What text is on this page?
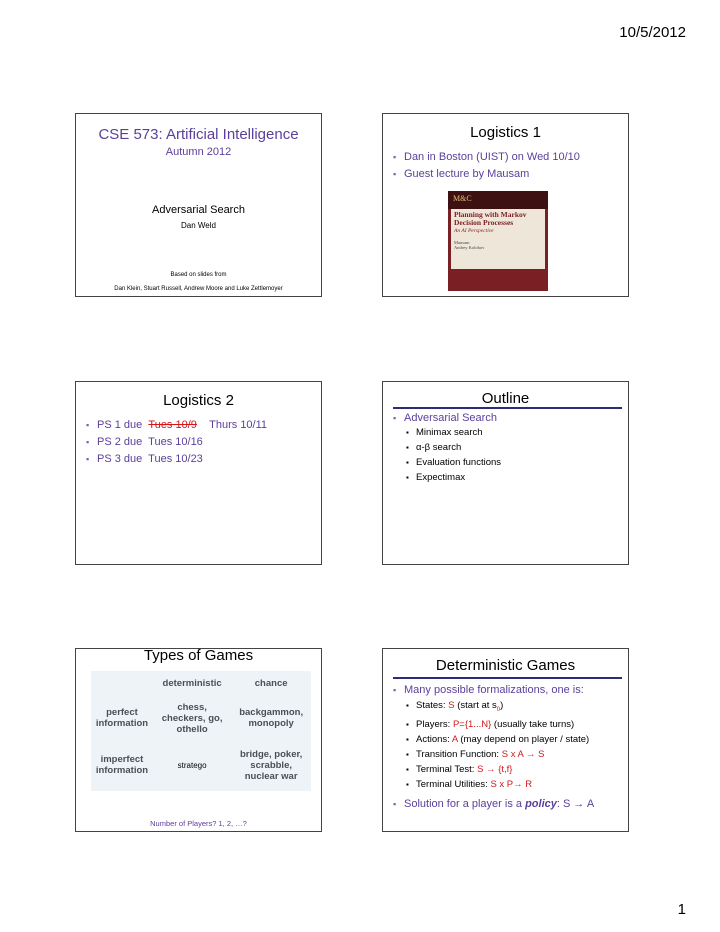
10/5/2012
CSE 573: Artificial Intelligence
Autumn 2012
Adversarial Search
Dan Weld
Based on slides from
Dan Klein, Stuart Russell, Andrew Moore and Luke Zettlemoyer
Logistics 1
▪ Dan in Boston (UIST) on Wed 10/10
▪ Guest lecture by Mausam
M&C
Planning with Markov Decision Processes
An AI Perspective
Mausam
Andrey Kolobov
Logistics 2
▪ PS 1 due Tues 10/9 Thurs 10/11
▪ PS 2 due  Tues 10/16
▪ PS 3 due  Tues 10/23
Outline
▪ Adversarial Search
▪ Minimax search
▪ α-β search
▪ Evaluation functions
▪ Expectimax
Types of Games
	deterministic	chance
perfect information	chess, checkers, go, othello	backgammon, monopoly
imperfect information	stratego	bridge, poker, scrabble, nuclear war
Number of Players? 1, 2, …?
Deterministic Games
▪ Many possible formalizations, one is:
▪ States: S (start at $s_0$)
▪ Players: P={1...N} (usually take turns)
▪ Actions: A (may depend on player / state)
▪ Transition Function: S x A → S
▪ Terminal Test: S → {t,f}
▪ Terminal Utilities: S x P→ R
▪ Solution for a player is a policy: S → A
1
